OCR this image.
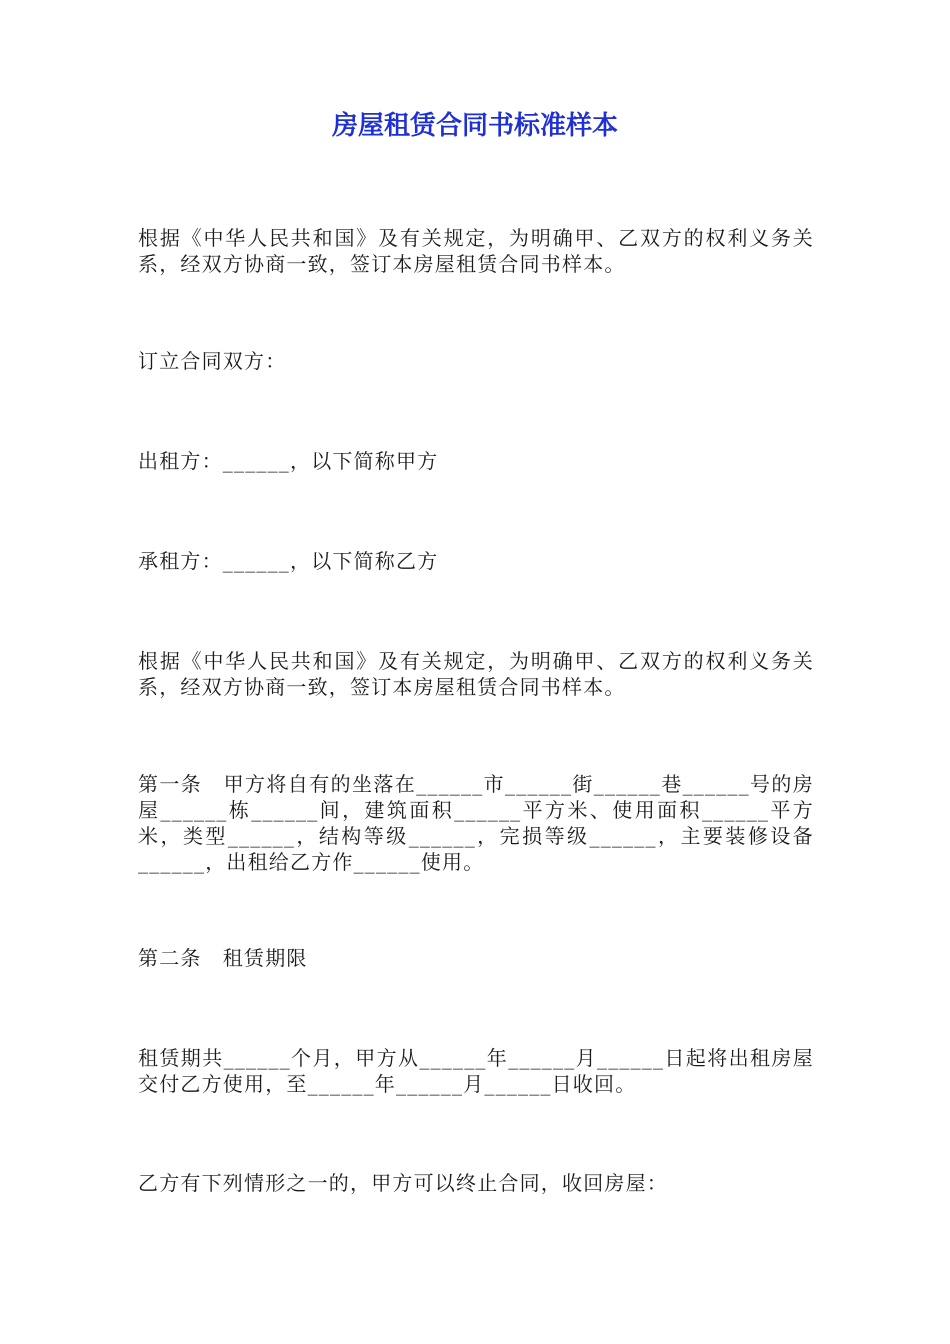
房屋租赁合同书标准样本
根据《中华人民共和国》及有关规定，为明确甲、乙双方的权利义务关系，经双方协商一致，签订本房屋租赁合同书样本。
订立合同双方：
出租方：______，以下简称甲方
承租方：______，以下简称乙方
根据《中华人民共和国》及有关规定，为明确甲、乙双方的权利义务关系，经双方协商一致，签订本房屋租赁合同书样本。
第一条　甲方将自有的坐落在______市______街______巷______号的房屋______栋______间，建筑面积______平方米、使用面积______平方米，类型______，结构等级______，完损等级______，主要装修设备______，出租给乙方作______使用。
第二条　租赁期限
租赁期共______个月，甲方从______年______月______日起将出租房屋交付乙方使用，至______年______月______日收回。
乙方有下列情形之一的，甲方可以终止合同，收回房屋：
